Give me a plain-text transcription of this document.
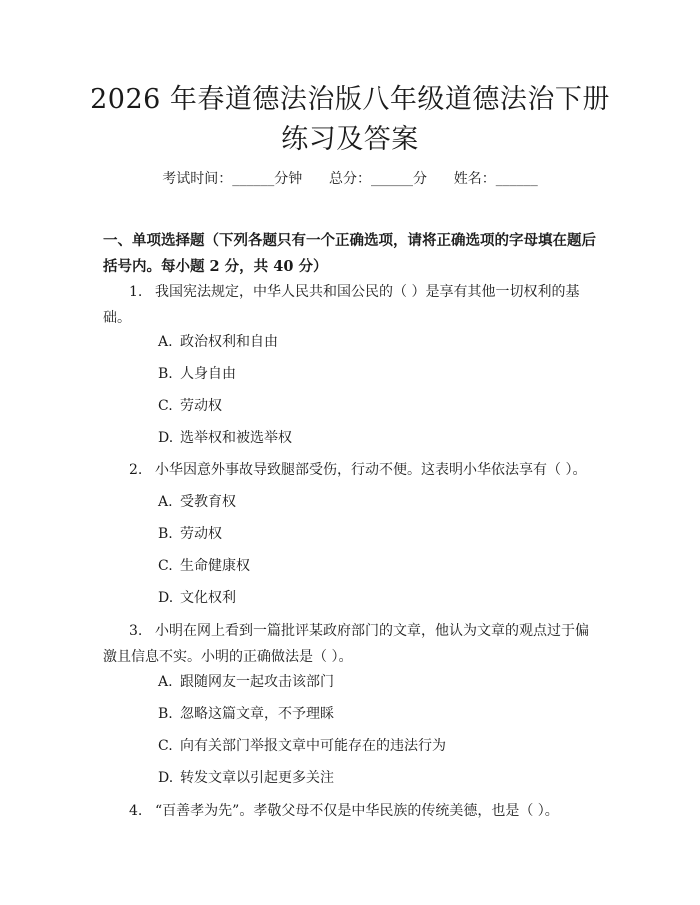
2026 年春道德法治版八年级道德法治下册练习及答案
考试时间：______分钟      总分：______分      姓名：______
一、单项选择题（下列各题只有一个正确选项，请将正确选项的字母填在题后括号内。每小题 2 分，共 40 分）
1. 我国宪法规定，中华人民共和国公民的（ ）是享有其他一切权利的基础。
A. 政治权利和自由
B. 人身自由
C. 劳动权
D. 选举权和被选举权
2. 小华因意外事故导致腿部受伤，行动不便。这表明小华依法享有（ ）。
A. 受教育权
B. 劳动权
C. 生命健康权
D. 文化权利
3. 小明在网上看到一篇批评某政府部门的文章，他认为文章的观点过于偏激且信息不实。小明的正确做法是（ ）。
A. 跟随网友一起攻击该部门
B. 忽略这篇文章，不予理睬
C. 向有关部门举报文章中可能存在的违法行为
D. 转发文章以引起更多关注
4. “百善孝为先”。孝敬父母不仅是中华民族的传统美德，也是（ ）。
